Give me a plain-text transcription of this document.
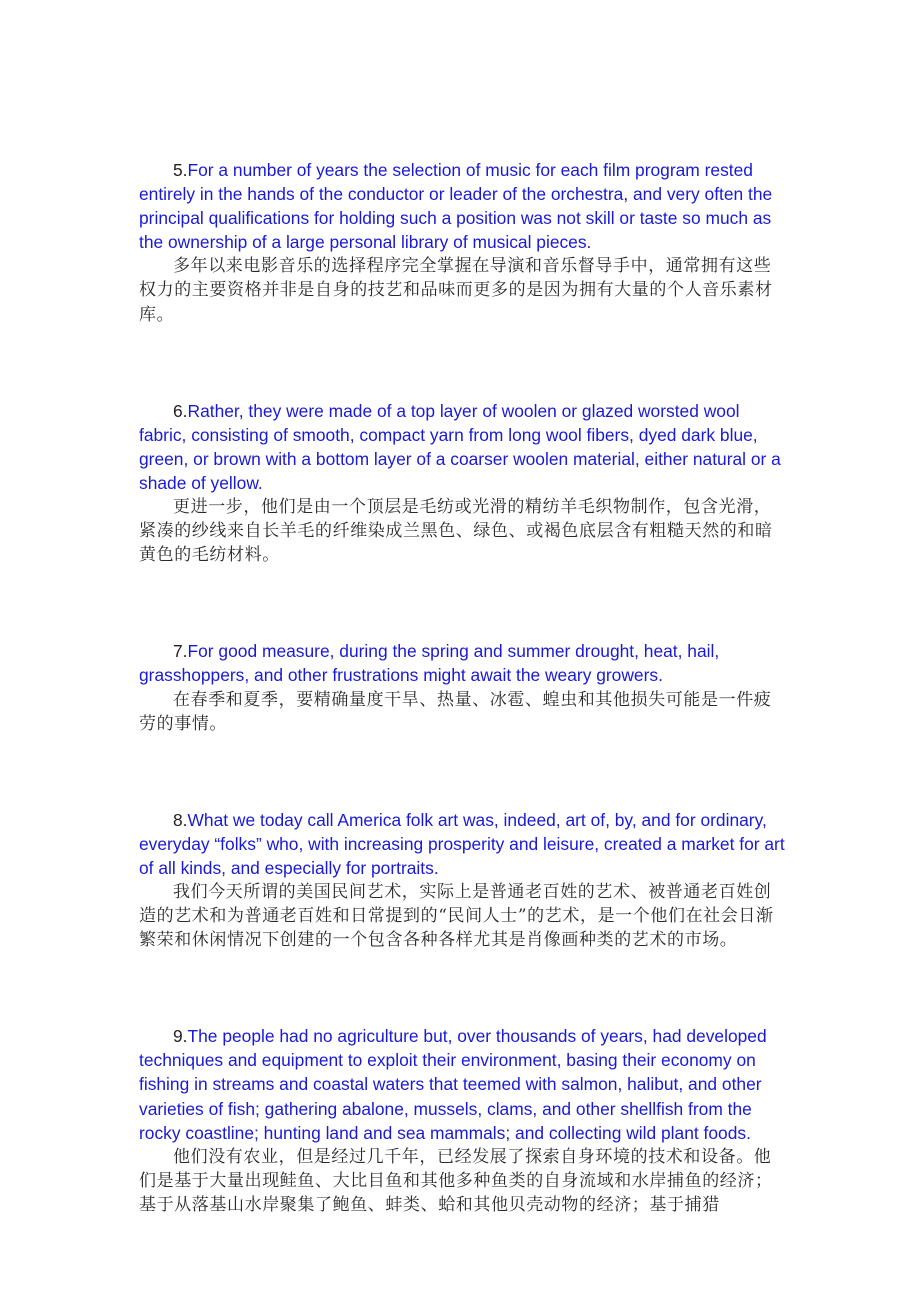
5.For a number of years the selection of music for each film program rested entirely in the hands of the conductor or leader of the orchestra, and very often the principal qualifications for holding such a position was not skill or taste so much as the ownership of a large personal library of musical pieces.

多年以来电影音乐的选择程序完全掌握在导演和音乐督导手中，通常拥有这些权力的主要资格并非是自身的技艺和品味而更多的是因为拥有大量的个人音乐素材库。

6.Rather, they were made of a top layer of woolen or glazed worsted wool fabric, consisting of smooth, compact yarn from long wool fibers, dyed dark blue, green, or brown with a bottom layer of a coarser woolen material, either natural or a shade of yellow.

更进一步，他们是由一个顶层是毛纺或光滑的精纺羊毛织物制作，包含光滑，紧凑的纱线来自长羊毛的纤维染成兰黑色、绿色、或褐色底层含有粗糙天然的和暗黄色的毛纺材料。

7.For good measure, during the spring and summer drought, heat, hail, grasshoppers, and other frustrations might await the weary growers.

在春季和夏季，要精确量度干旱、热量、冰雹、蝗虫和其他损失可能是一件疲劳的事情。

8.What we today call America folk art was, indeed, art of, by, and for ordinary, everyday “folks” who, with increasing prosperity and leisure, created a market for art of all kinds, and especially for portraits.

我们今天所谓的美国民间艺术，实际上是普通老百姓的艺术、被普通老百姓创造的艺术和为普通老百姓和日常提到的“民间人士”的艺术，是一个他们在社会日渐繁荣和休闲情况下创建的一个包含各种各样尤其是肖像画种类的艺术的市场。

9.The people had no agriculture but, over thousands of years, had developed techniques and equipment to exploit their environment, basing their economy on fishing in streams and coastal waters that teemed with salmon, halibut, and other varieties of fish; gathering abalone, mussels, clams, and other shellfish from the rocky coastline; hunting land and sea mammals; and collecting wild plant foods.

他们没有农业，但是经过几千年，已经发展了探索自身环境的技术和设备。他们是基于大量出现鲑鱼、大比目鱼和其他多种鱼类的自身流域和水岸捕鱼的经济；基于从落基山水岸聚集了鲍鱼、蚌类、蛤和其他贝壳动物的经济；基于捕猎
